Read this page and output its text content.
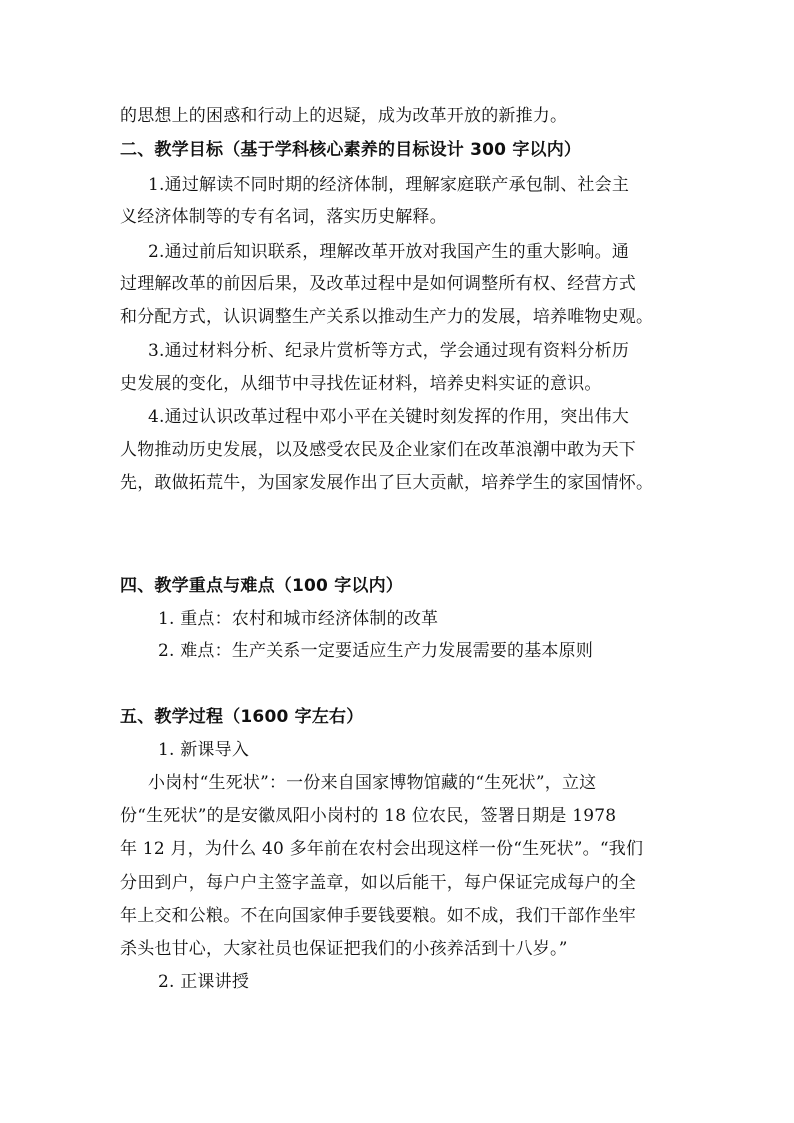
的思想上的困惑和行动上的迟疑，成为改革开放的新推力。
二、教学目标（基于学科核心素养的目标设计 300 字以内）
1.通过解读不同时期的经济体制，理解家庭联产承包制、社会主
义经济体制等的专有名词，落实历史解释。
2.通过前后知识联系，理解改革开放对我国产生的重大影响。通
过理解改革的前因后果，及改革过程中是如何调整所有权、经营方式
和分配方式，认识调整生产关系以推动生产力的发展，培养唯物史观。
3.通过材料分析、纪录片赏析等方式，学会通过现有资料分析历
史发展的变化，从细节中寻找佐证材料，培养史料实证的意识。
4.通过认识改革过程中邓小平在关键时刻发挥的作用，突出伟大
人物推动历史发展，以及感受农民及企业家们在改革浪潮中敢为天下
先，敢做拓荒牛，为国家发展作出了巨大贡献，培养学生的家国情怀。
四、教学重点与难点（100 字以内）
1. 重点：农村和城市经济体制的改革
2. 难点：生产关系一定要适应生产力发展需要的基本原则
五、教学过程（1600 字左右）
1. 新课导入
小岗村“生死状”：一份来自国家博物馆藏的“生死状”，立这
份“生死状”的是安徽凤阳小岗村的 18 位农民，签署日期是 1978
年 12 月，为什么 40 多年前在农村会出现这样一份“生死状”。“我们
分田到户，每户户主签字盖章，如以后能干，每户保证完成每户的全
年上交和公粮。不在向国家伸手要钱要粮。如不成，我们干部作坐牢
杀头也甘心，大家社员也保证把我们的小孩养活到十八岁。”
2. 正课讲授
